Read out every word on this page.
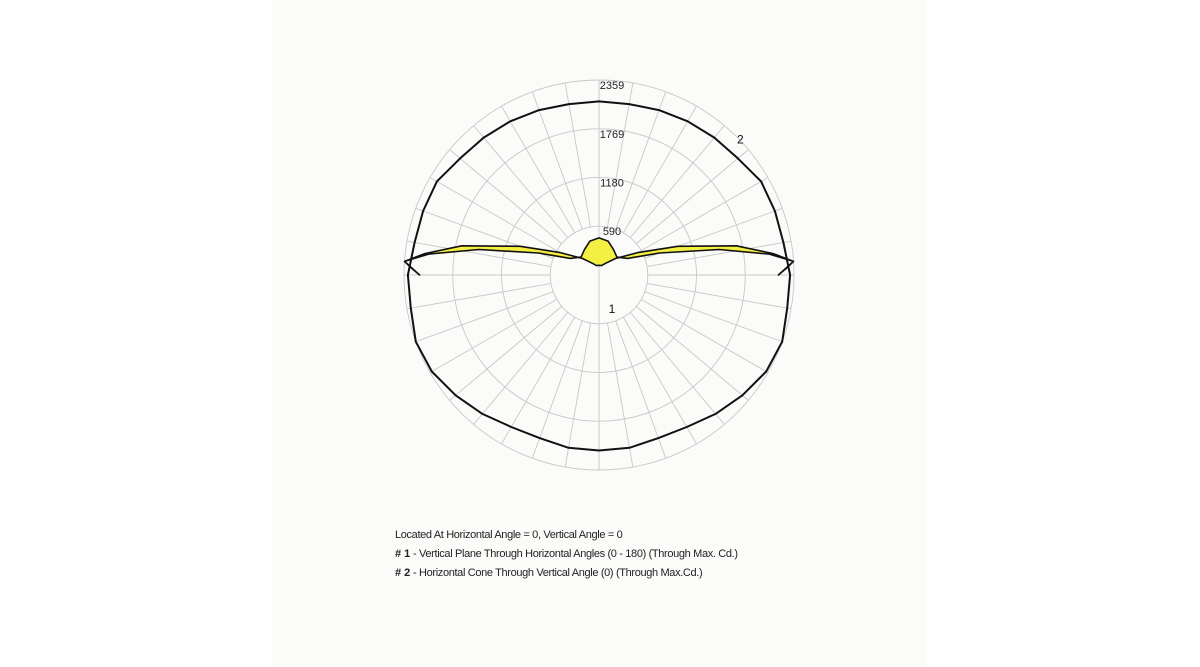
590
1180
1769
2359
1
2
Located At Horizontal Angle = 0, Vertical Angle = 0
# 1 - Vertical Plane Through Horizontal Angles (0 - 180) (Through Max. Cd.)
# 2 - Horizontal Cone Through Vertical Angle (0) (Through Max.Cd.)
